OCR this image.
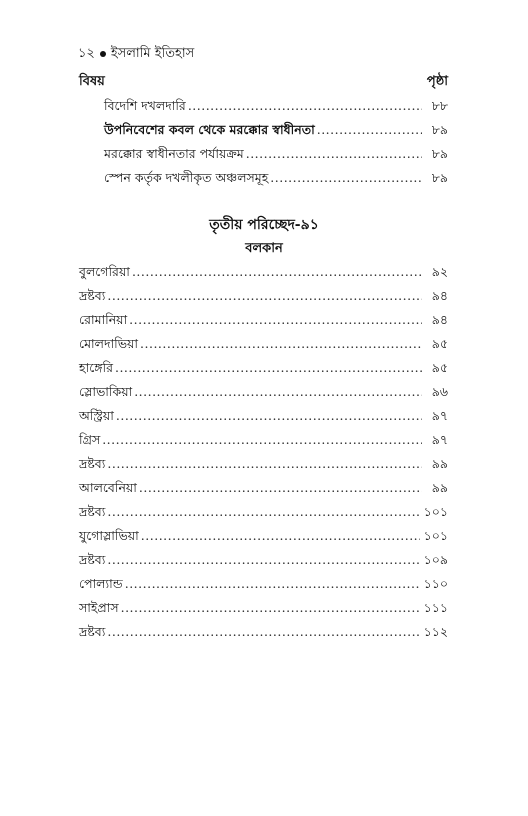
১২ ইসলামি ইতিহাস
বিষয়	পৃষ্ঠা
বিদেশি দখলদারি .....	৮৮
উপনিবেশের কবল থেকে মরক্কোর স্বাধীনতা .....	৮৯
মরক্কোর স্বাধীনতার পর্যায়ক্রম .....	৮৯
স্পেন কর্তৃক দখলীকৃত অঞ্চলসমূহ .....	৮৯
তৃতীয় পরিচ্ছেদ-৯১
বলকান
বুলগেরিয়া .....	৯২
দ্রষ্টব্য .....	৯৪
রোমানিয়া .....	৯৪
মোলদাভিয়া .....	৯৫
হাঙ্গেরি .....	৯৫
স্লোভাকিয়া .....	৯৬
অস্ট্রিয়া .....	৯৭
গ্রিস .....	৯৭
দ্রষ্টব্য .....	৯৯
আলবেনিয়া .....	৯৯
দ্রষ্টব্য .....	১০১
যুগোস্লাভিয়া .....	১০১
দ্রষ্টব্য .....	১০৯
পোল্যান্ড .....	১১০
সাইপ্রাস .....	১১১
দ্রষ্টব্য .....	১১২
